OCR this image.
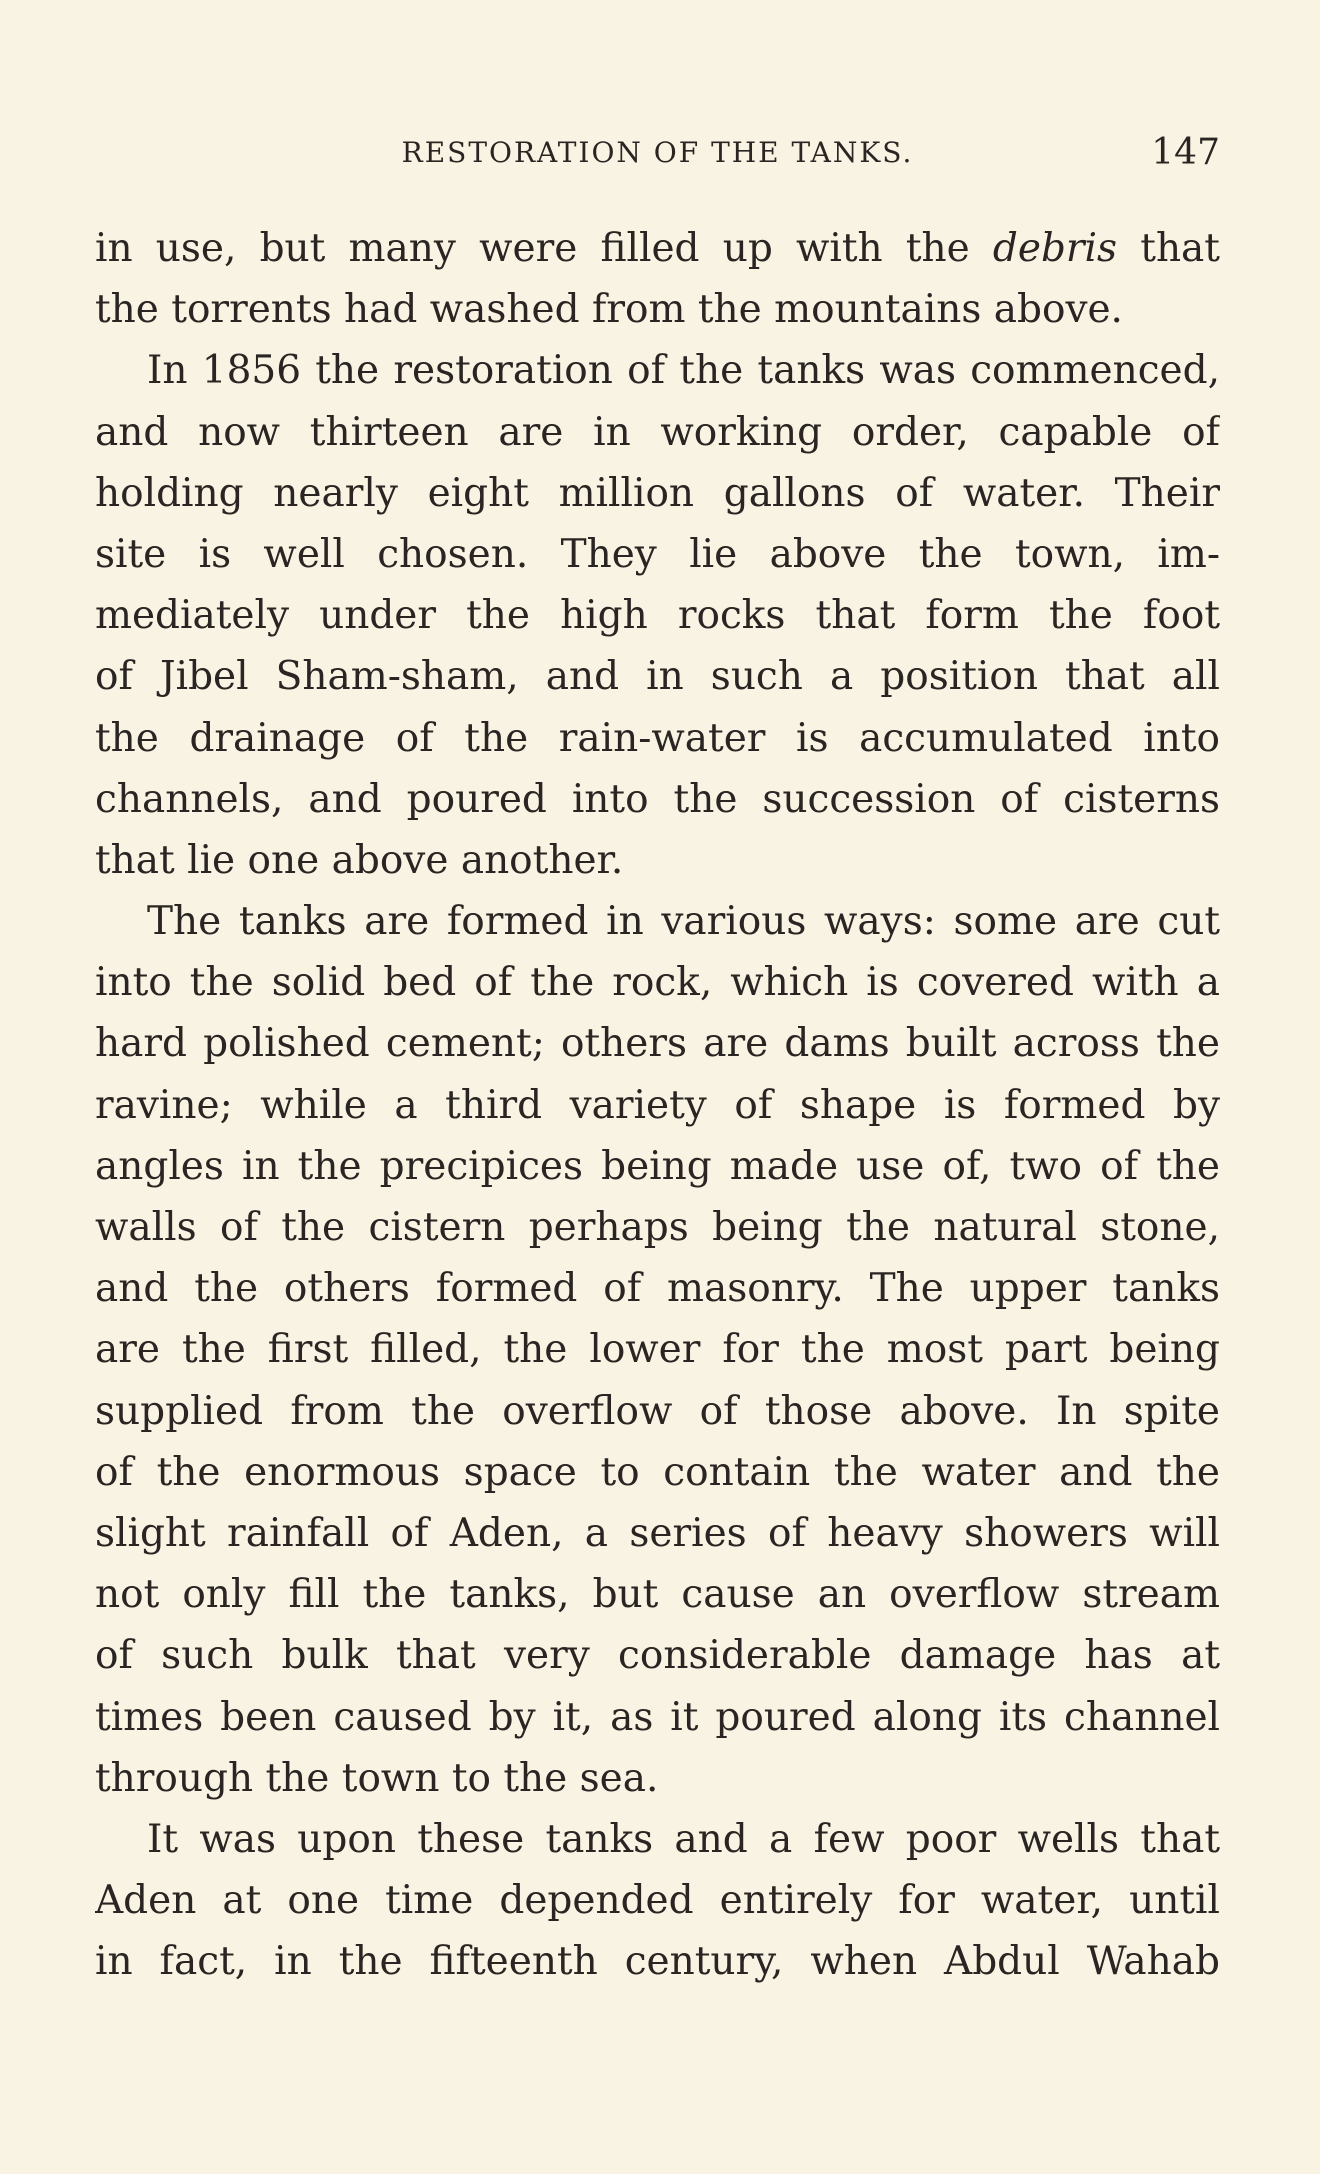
RESTORATION OF THE TANKS.	147
in use, but many were filled up with the debris that
the torrents had washed from the mountains above.
In 1856 the restoration of the tanks was commenced,
and now thirteen are in working order, capable of
holding nearly eight million gallons of water. Their
site is well chosen. They lie above the town, im-
mediately under the high rocks that form the foot
of Jibel Sham-sham, and in such a position that all
the drainage of the rain-water is accumulated into
channels, and poured into the succession of cisterns
that lie one above another.
The tanks are formed in various ways: some are cut
into the solid bed of the rock, which is covered with a
hard polished cement; others are dams built across the
ravine; while a third variety of shape is formed by
angles in the precipices being made use of, two of the
walls of the cistern perhaps being the natural stone,
and the others formed of masonry. The upper tanks
are the first filled, the lower for the most part being
supplied from the overflow of those above. In spite
of the enormous space to contain the water and the
slight rainfall of Aden, a series of heavy showers will
not only fill the tanks, but cause an overflow stream
of such bulk that very considerable damage has at
times been caused by it, as it poured along its channel
through the town to the sea.
It was upon these tanks and a few poor wells that
Aden at one time depended entirely for water, until
in fact, in the fifteenth century, when Abdul Wahab
